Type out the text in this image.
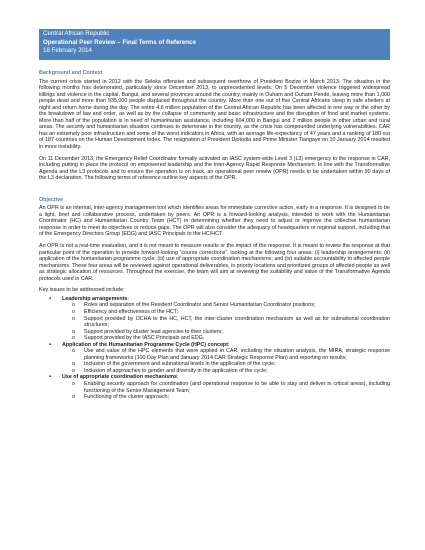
Central African Republic
Operational Peer Review – Final Terms of Reference
18 February 2014
Background and Context

The current crisis started in 2012 with the Seleka offensive and subsequent overthrow of President Bozize in March 2013. The situation in the following months has deteriorated, particularly since December 2013, to unprecedented levels. On 5 December violence triggered widespread killings and violence in the capital, Bangui, and several provinces around the country, mainly in Ouham and Ouham Pendé, leaving more than 1,000 people dead and more than 935,000 people displaced throughout the country. More than one out of five Central Africans sleep in safe shelters at night and return home during the day. The entire 4.6 million population of the Central African Republic has been affected in one way or the other by the breakdown of law and order, as well as by the collapse of community and basic infrastructure and the disruption of food and market systems. More than half of the population is in need of humanitarian assistance, including 604,000 in Bangui and 2 million people in other urban and rural areas. The security and humanitarian situation continues to deteriorate in the country, as the crisis has compounded underlying vulnerabilities. CAR has an extremely poor infrastructure and some of the worst indicators in Africa, with an average life-expectancy of 47 years and a ranking of 180 out of 187 countries on the Human Development Index. The resignation of President Djotodia and Prime Minister Tiangaye on 10 January 2014 resulted in more instability.

On 11 December 2013, the Emergency Relief Coordinator formally activated an IASC system-wide Level 3 (L3) emergency to the response in CAR, including putting in place the protocol on empowered leadership and the Inter-Agency Rapid Response Mechanism. In line with the Transformative Agenda and the L3 protocols and to ensure the operation is on track, an operational peer review (OPR) needs to be undertaken within 90 days of the L3 declaration. The following terms of reference outline key aspects of the OPR.

Objective

An OPR is an internal, inter-agency management tool which identifies areas for immediate corrective action, early in a response. It is designed to be a light, brief and collaborative process, undertaken by peers. An OPR is a forward-looking analysis, intended to work with the Humanitarian Coordinator (HC) and Humanitarian Country Team (HCT) in determining whether they need to adjust or improve the collective humanitarian response in order to meet its objectives or reduce gaps. The OPR will also consider the adequacy of headquarters or regional support, including that of the Emergency Directors Group (EDG) and IASC Principals to the HC/HCT.

An OPR is not a real-time evaluation, and it is not meant to measure results or the impact of the response. It is meant to review the response at that particular point of the operation to provide forward-looking “course corrections”, looking at the following four areas: (i) leadership arrangements; (ii) application of the humanitarian programme cycle; (iii) use of appropriate coordination mechanisms; and (iv) suitable accountability to affected people mechanisms. These four areas will be reviewed against operational deliverables, in priority locations and prioritized groups of affected people as well as strategic allocation of resources. Throughout the exercise, the team will aim at reviewing the suitability and value of the Transformative Agenda protocols used in CAR.

Key issues to be addressed include:

▪ Leadership arrangements:
o Roles and separation of the Resident Coordinator and Senior Humanitarian Coordinator positions;
o Efficiency and effectiveness of the HCT;
o Support provided by OCHA to the HC, HCT, the inter-cluster coordination mechanism as well as for subnational coordination structures;
o Support provided by cluster lead agencies to their clusters;
o Support provided by the IASC Principals and EDG.
▪ Application of the Humanitarian Programme Cycle (HPC) concept:
o Use and value of the HPC elements that were applied in CAR, including the situation analysis, the MIRA, strategic response planning frameworks (100 Day Plan and January 2014 CAR Strategic Response Plan) and reporting on results;
o Inclusion of the government and subnational levels in the application of the cycle;
o Inclusion of approaches to gender and diversity in the application of the cycle;
▪ Use of appropriate coordination mechanisms:
o Enabling security approach for coordination (and operational response to be able to stay and deliver in critical areas), including functioning of the Senior Management Team;
o Functioning of the cluster approach;
